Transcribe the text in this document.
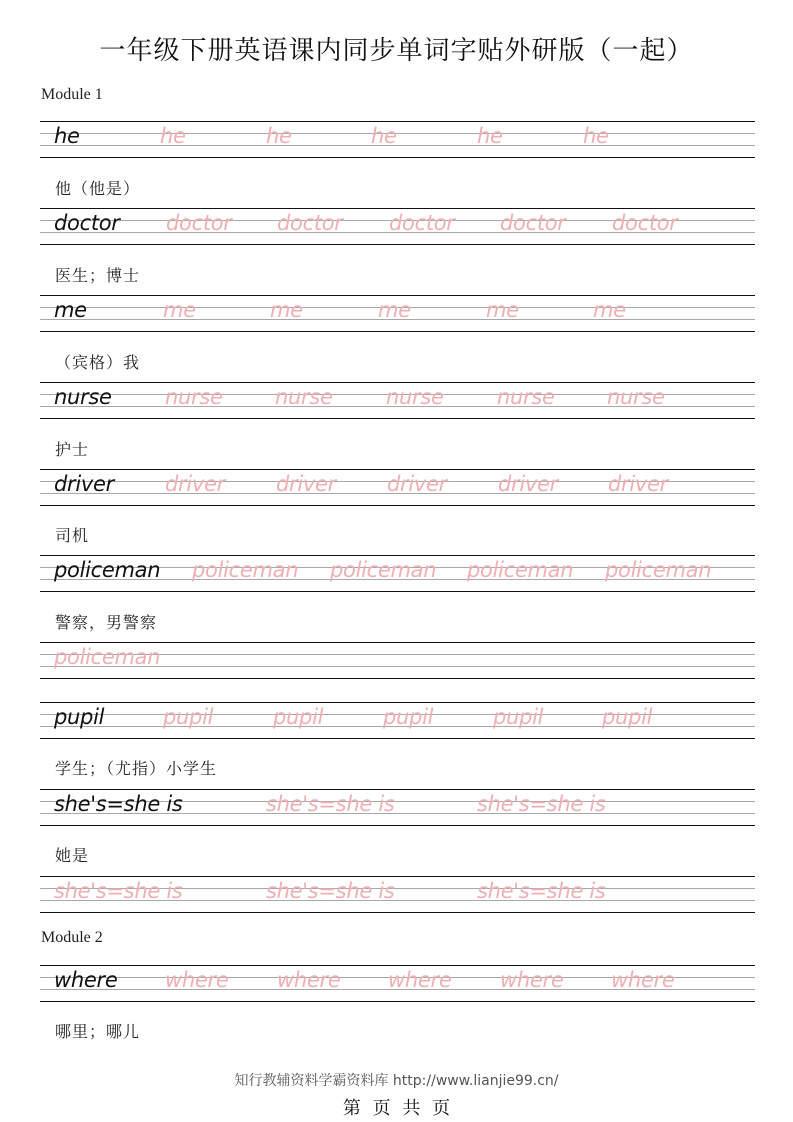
一年级下册英语课内同步单词字贴外研版（一起）
Module 1
he	he	he	he	he	he
他（他是）
doctor doctor doctor doctor doctor doctor
医生；博士
me	me	me	me	me	me
（宾格）我
nurse	nurse nurse	nurse	nurse nurse
护士
driver driver driver driver driver driver
司机
policeman policeman policeman policeman policeman
警察，男警察
policeman
pupil	pupil	pupil	pupil	pupil	pupil
学生；（尤指）小学生
she's=she is	she's=she is	she's=she is
她是
she's=she is	she's=she is	she's=she is
Module 2
where where where where where where
哪里；哪儿
知行教辅资料学霸资料库 http://www.lianjie99.cn/
第 页 共 页
